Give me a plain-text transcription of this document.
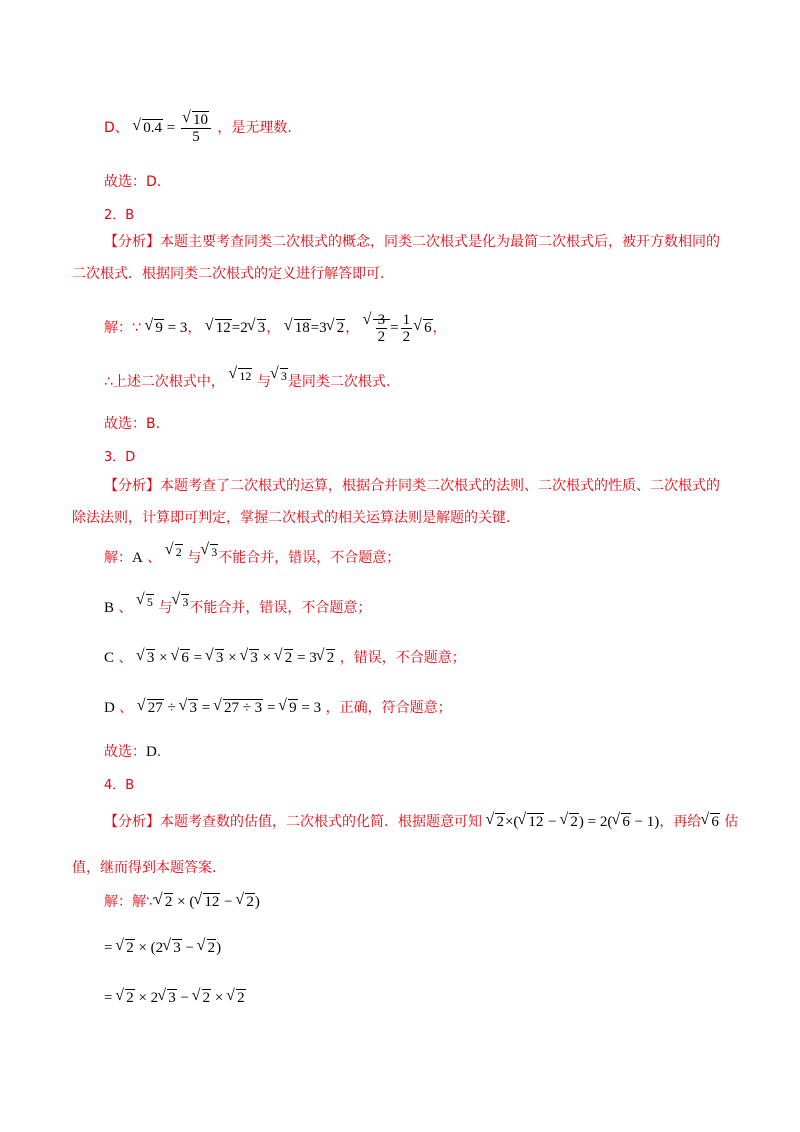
D、 √ 0.4 = √ $\frac{10}{5}$ ，是无理数.
故选：D.
2．B
【分析】本题主要考查同类二次根式的概念，同类二次根式是化为最简二次根式后，被开方数相同的
二次根式．根据同类二次根式的定义进行解答即可.
解：∵ √ 9 = 3， √ 12=2 √ 3， √ 18=3 √ 2， √ $\frac{3}{2} = \frac{1}{2}$ √ 6，
∴上述二次根式中， √ 12 与 √ 3是同类二次根式.
故选：B.
3．D
【分析】本题考查了二次根式的运算，根据合并同类二次根式的法则、二次根式的性质、二次根式的
除法法则，计算即可判定，掌握二次根式的相关运算法则是解题的关键.
解：A 、 √ 2 与 √ 3不能合并，错误，不合题意；
B 、 √ 5 与 √ 3不能合并，错误，不合题意；
C 、 √ 3 × √ 6 = √ 3 × √ 3 × √ 2 = 3 √ 2 ，错误，不合题意；
D 、 √ 27 ÷ √ 3 = √ 27 ÷ 3 = √ 9 = 3 ，正确，符合题意；
故选：D.
4．B
【分析】本题考查数的估值，二次根式的化简．根据题意可知 √ 2×( √ 12 − √ 2) = 2( √ 6 − 1)，再给 √ 6 估
值，继而得到本题答案.
解：解∵ √ 2 × ( √ 12 − √ 2)
= √ 2 × (2 √ 3 − √ 2)
= √ 2 × 2 √ 3 − √ 2 × √ 2
